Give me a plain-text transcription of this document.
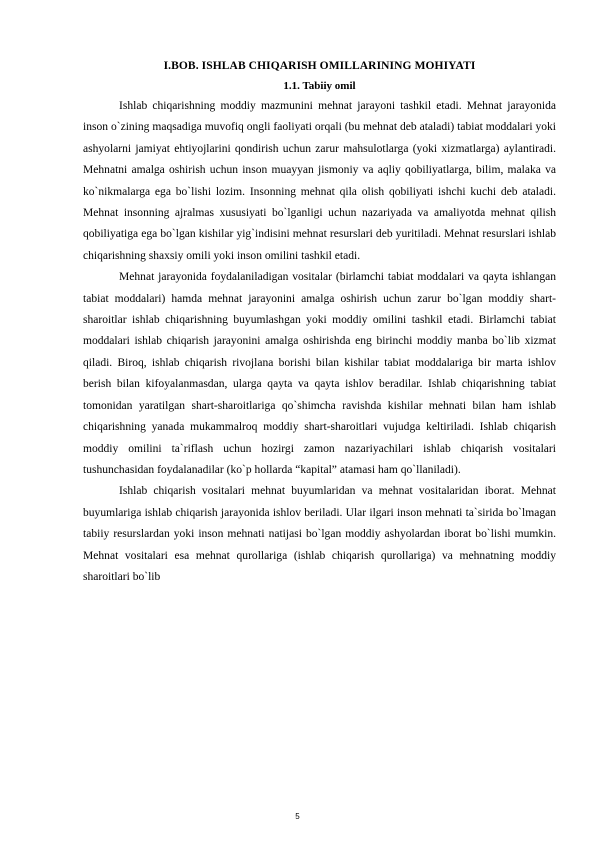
I.BOB. ISHLAB CHIQARISH OMILLARINING MOHIYATI
1.1. Tabiiy omil

Ishlab chiqarishning moddiy mazmunini mehnat jarayoni tashkil etadi. Mehnat jarayonida inson o`zining maqsadiga muvofiq ongli faoliyati orqali (bu mehnat deb ataladi) tabiat moddalari yoki ashyolarni jamiyat ehtiyojlarini qondirish uchun zarur mahsulotlarga (yoki xizmatlarga) aylantiradi. Mehnatni amalga oshirish uchun inson muayyan jismoniy va aqliy qobiliyatlarga, bilim, malaka va ko`nikmalarga ega bo`lishi lozim. Insonning mehnat qila olish qobiliyati ishchi kuchi deb ataladi. Mehnat insonning ajralmas xususiyati bo`lganligi uchun nazariyada va amaliyotda mehnat qilish qobiliyatiga ega bo`lgan kishilar yig`indisini mehnat resurslari deb yuritiladi. Mehnat resurslari ishlab chiqarishning shaxsiy omili yoki inson omilini tashkil etadi.

Mehnat jarayonida foydalaniladigan vositalar (birlamchi tabiat moddalari va qayta ishlangan tabiat moddalari) hamda mehnat jarayonini amalga oshirish uchun zarur bo`lgan moddiy shart-sharoitlar ishlab chiqarishning buyumlashgan yoki moddiy omilini tashkil etadi. Birlamchi tabiat moddalari ishlab chiqarish jarayonini amalga oshirishda eng birinchi moddiy manba bo`lib xizmat qiladi. Biroq, ishlab chiqarish rivojlana borishi bilan kishilar tabiat moddalariga bir marta ishlov berish bilan kifoyalanmasdan, ularga qayta va qayta ishlov beradilar. Ishlab chiqarishning tabiat tomonidan yaratilgan shart-sharoitlariga qo`shimcha ravishda kishilar mehnati bilan ham ishlab chiqarishning yanada mukammalroq moddiy shart-sharoitlari vujudga keltiriladi. Ishlab chiqarish moddiy omilini ta`riflash uchun hozirgi zamon nazariyachilari ishlab chiqarish vositalari tushunchasidan foydalanadilar (ko`p hollarda “kapital” atamasi ham qo`llaniladi).

Ishlab chiqarish vositalari mehnat buyumlaridan va mehnat vositalaridan iborat. Mehnat buyumlariga ishlab chiqarish jarayonida ishlov beriladi. Ular ilgari inson mehnati ta`sirida bo`lmagan tabiiy resurslardan yoki inson mehnati natijasi bo`lgan moddiy ashyolardan iborat bo`lishi mumkin. Mehnat vositalari esa mehnat qurollariga (ishlab chiqarish qurollariga) va mehnatning moddiy sharoitlari bo`lib

5
